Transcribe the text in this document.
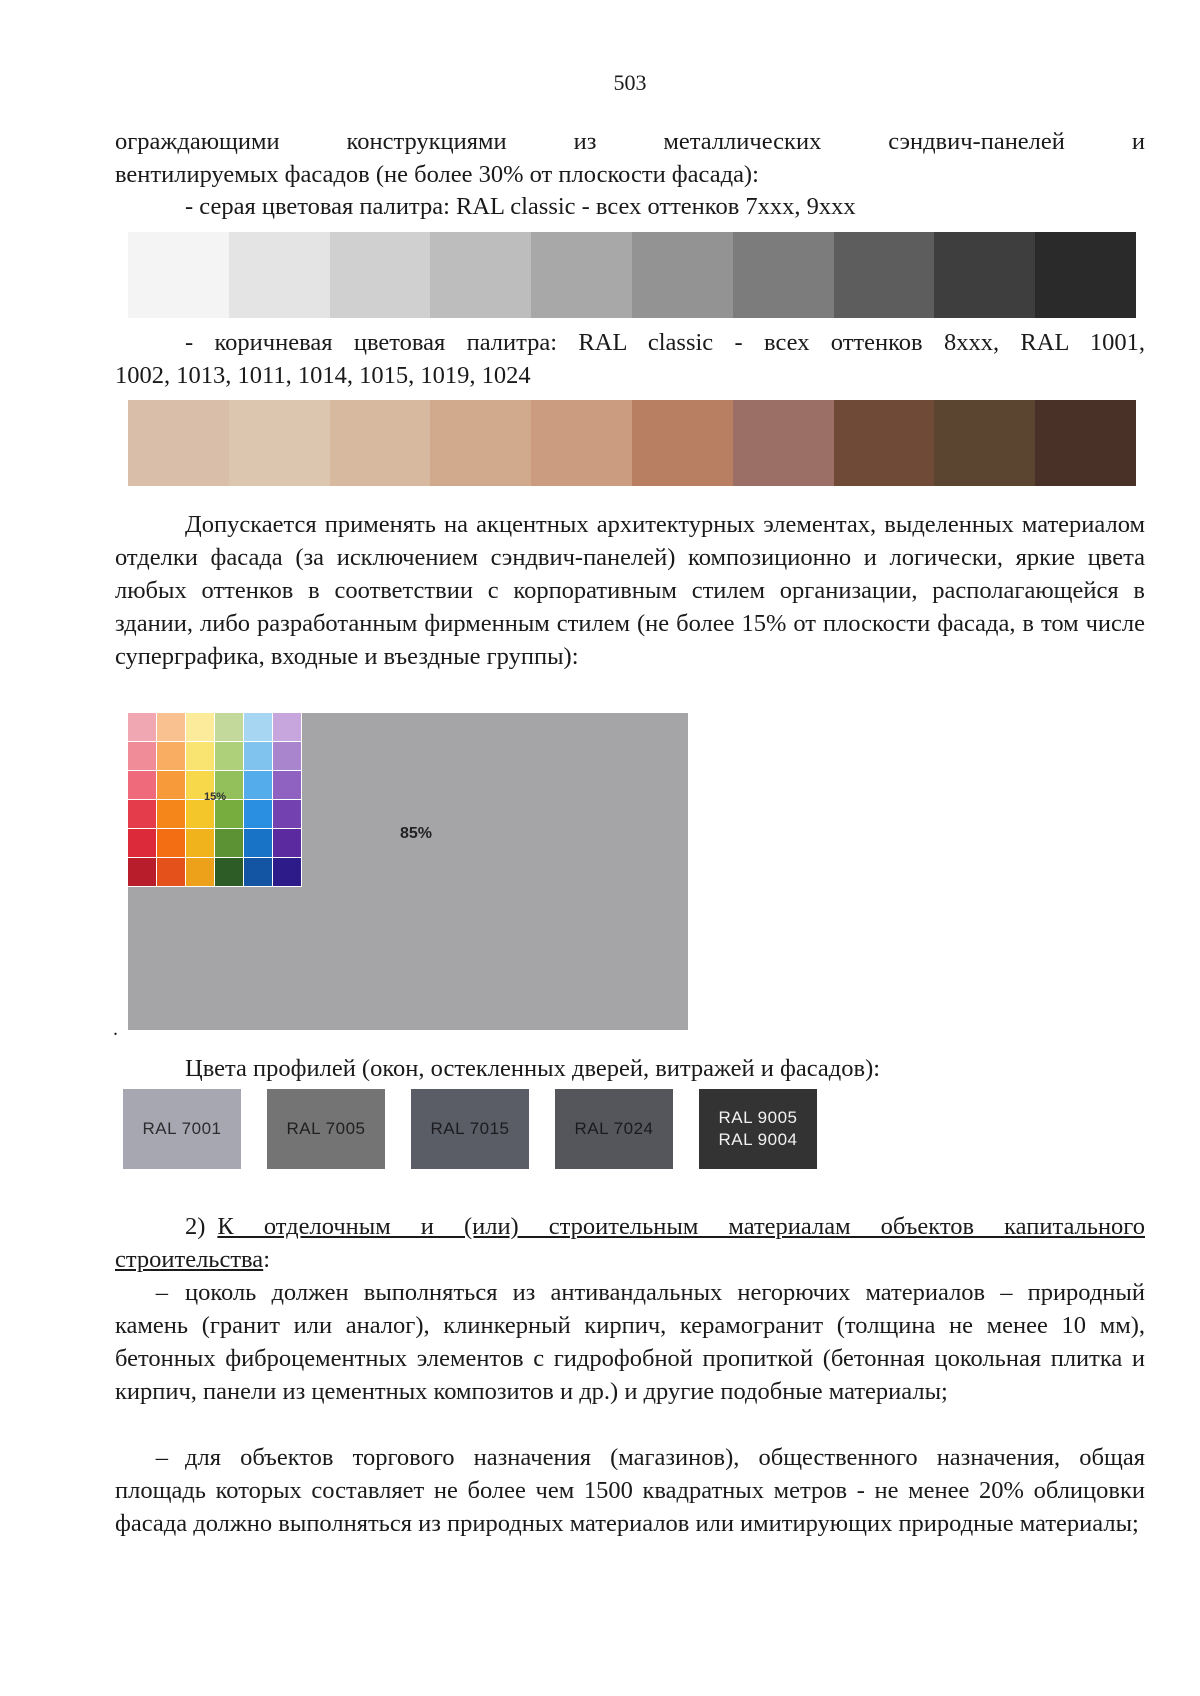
503
ограждающими	конструкциями	из	металлических	сэндвич-панелей	и
вентилируемых фасадов (не более 30% от плоскости фасада):
- серая цветовая палитра: RAL classic - всех оттенков 7ххх, 9ххх
- коричневая цветовая палитра: RAL classic - всех оттенков 8ххх, RAL 1001,
1002, 1013, 1011, 1014, 1015, 1019, 1024
Допускается применять на акцентных архитектурных элементах, выделенных материалом отделки фасада (за исключением сэндвич-панелей) композиционно и логически, яркие цвета любых оттенков в соответствии с корпоративным стилем организации, располагающейся в здании, либо разработанным фирменным стилем (не более 15% от плоскости фасада, в том числе суперграфика, входные и въездные группы):
15%
85%
.
Цвета профилей (окон, остекленных дверей, витражей и фасадов):
RAL 7001	RAL 7005	RAL 7015	RAL 7024
RAL 9005
RAL 9004
2) К отделочным и (или) строительным материалам объектов капитального
строительства:
– цоколь должен выполняться из антивандальных негорючих материалов – природный камень (гранит или аналог), клинкерный кирпич, керамогранит (толщина не менее 10 мм), бетонных фиброцементных элементов с гидрофобной пропиткой (бетонная цокольная плитка и кирпич, панели из цементных композитов и др.) и другие подобные материалы;
– для объектов торгового назначения (магазинов), общественного назначения, общая площадь которых составляет не более чем 1500 квадратных метров - не менее 20% облицовки фасада должно выполняться из природных материалов или имитирующих природные материалы;
